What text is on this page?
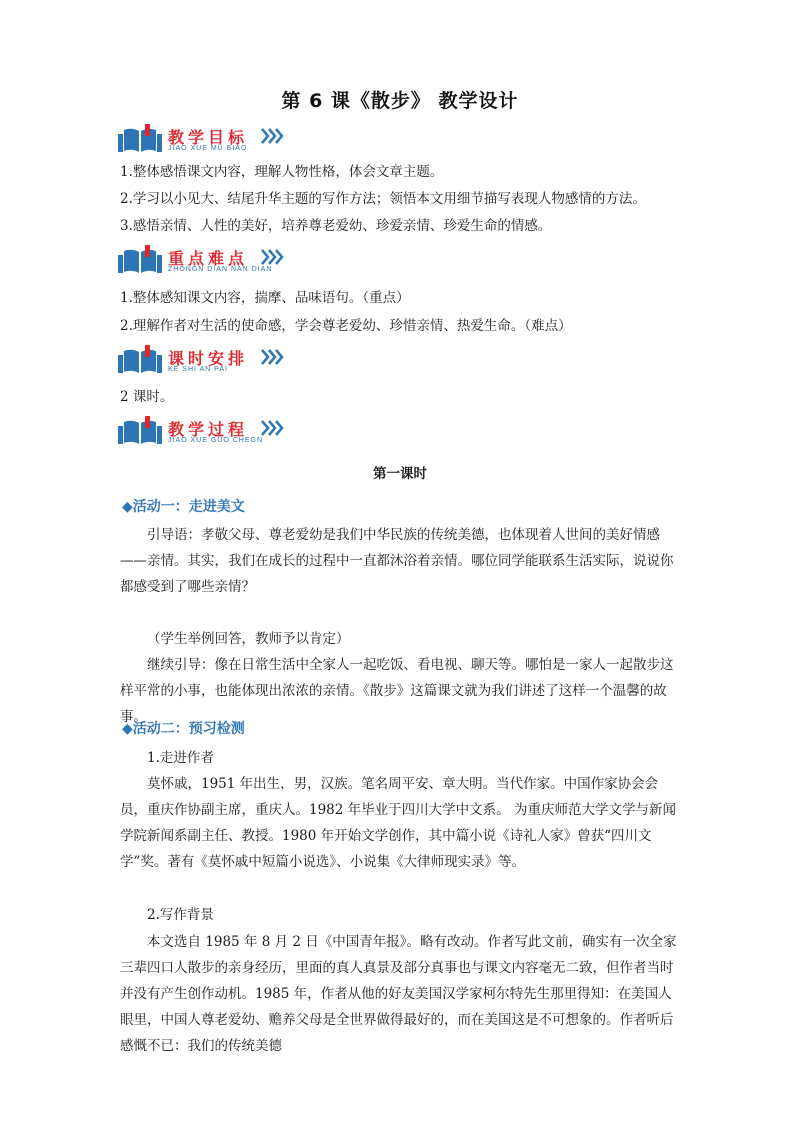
第 6 课《散步》 教学设计
教学目标
JIAO XUE MU BIAO
1.整体感悟课文内容，理解人物性格，体会文章主题。
2.学习以小见大、结尾升华主题的写作方法；领悟本文用细节描写表现人物感情的方法。
3.感悟亲情、人性的美好，培养尊老爱幼、珍爱亲情、珍爱生命的情感。
重点难点
ZHONGN DIAN NAN DIAN
1.整体感知课文内容，揣摩、品味语句。（重点）
2.理解作者对生活的使命感，学会尊老爱幼、珍惜亲情、热爱生命。（难点）
课时安排
KE SHI AN PAI
2 课时。
教学过程
JIAO XUE GUO CHEGN
第一课时
◆活动一：走进美文
引导语：孝敬父母、尊老爱幼是我们中华民族的传统美德，也体现着人世间的美好情感——亲情。其实，我们在成长的过程中一直都沐浴着亲情。哪位同学能联系生活实际，说说你都感受到了哪些亲情？
（学生举例回答，教师予以肯定）
继续引导：像在日常生活中全家人一起吃饭、看电视、聊天等。哪怕是一家人一起散步这样平常的小事，也能体现出浓浓的亲情。《散步》这篇课文就为我们讲述了这样一个温馨的故事。
◆活动二：预习检测
1.走进作者
莫怀戚，1951 年出生，男，汉族。笔名周平安、章大明。当代作家。中国作家协会会员，重庆作协副主席，重庆人。1982 年毕业于四川大学中文系。 为重庆师范大学文学与新闻学院新闻系副主任、教授。1980 年开始文学创作，其中篇小说《诗礼人家》曾获“四川文学”奖。著有《莫怀戚中短篇小说选》、小说集《大律师现实录》等。
2.写作背景
本文选自 1985 年 8 月 2 日《中国青年报》。略有改动。作者写此文前，确实有一次全家三辈四口人散步的亲身经历，里面的真人真景及部分真事也与课文内容毫无二致，但作者当时并没有产生创作动机。1985 年，作者从他的好友美国汉学家柯尔特先生那里得知：在美国人眼里，中国人尊老爱幼、赡养父母是全世界做得最好的，而在美国这是不可想象的。作者听后感慨不已：我们的传统美德
